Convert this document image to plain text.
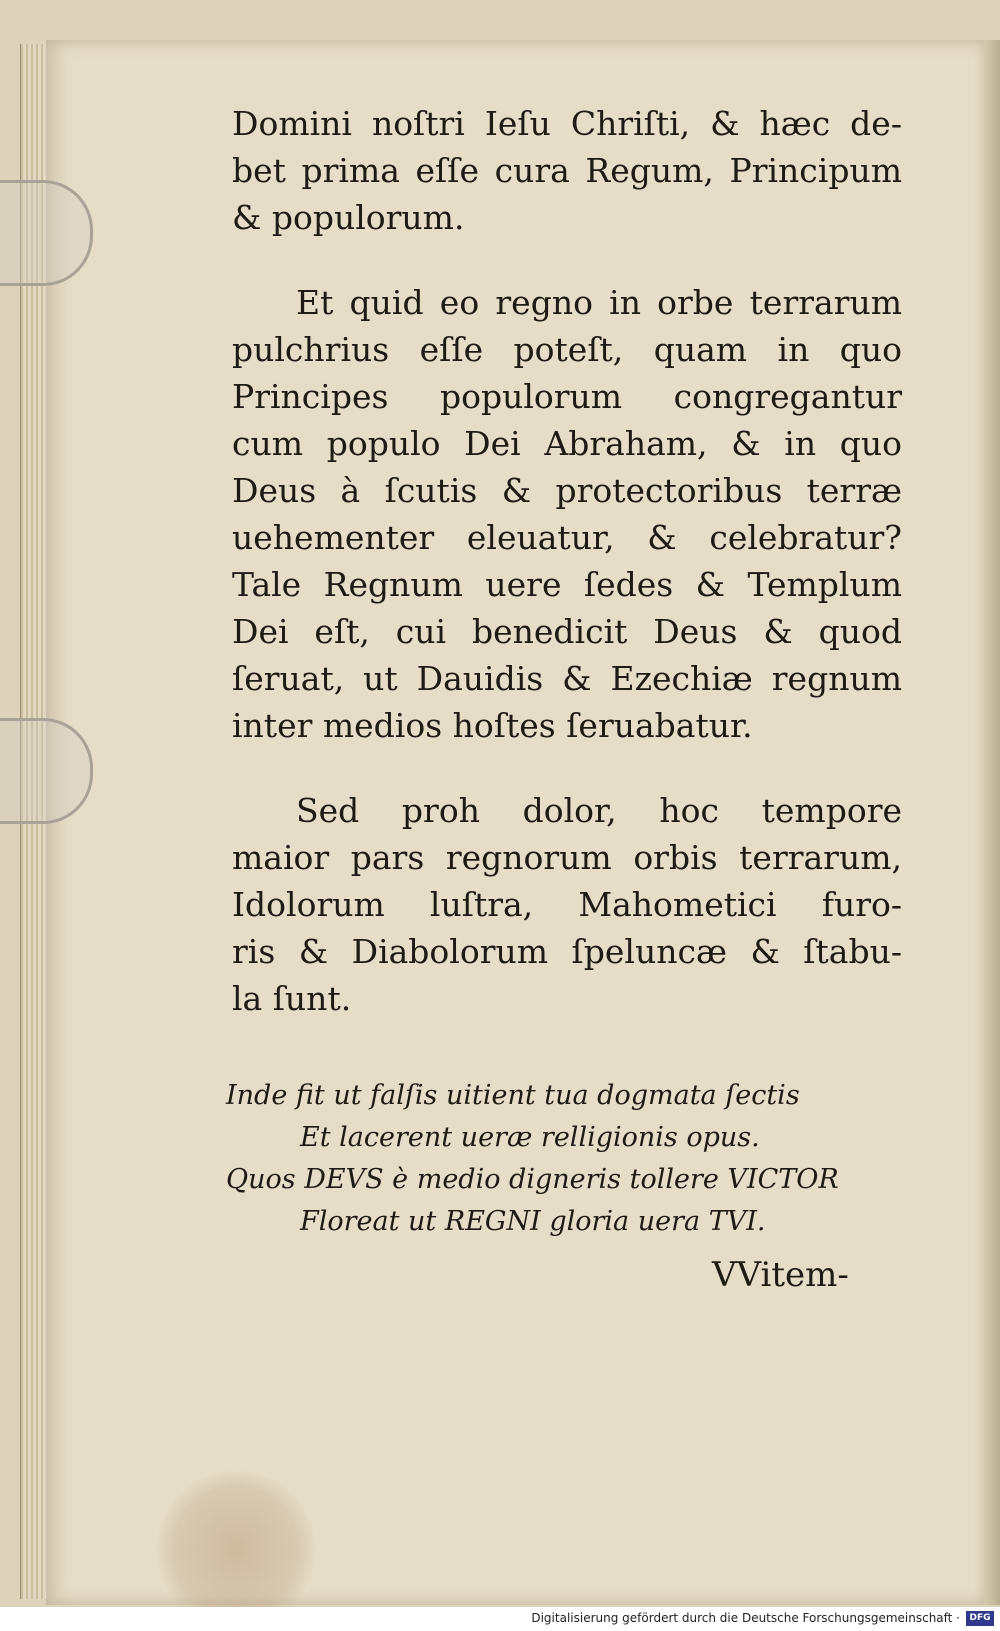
Domini noſtri Ieſu Chriſti, & hæc de-
bet prima eſſe cura Regum, Principum
& populorum.

Et quid eo regno in orbe terrarum
pulchrius eſſe poteſt, quam in quo
Principes populorum congregantur
cum populo Dei Abraham, & in quo
Deus à ſcutis & protectoribus terræ
uehementer eleuatur, & celebratur?
Tale Regnum uere ſedes & Templum
Dei eſt, cui benedicit Deus & quod
ſeruat, ut Dauidis & Ezechiæ regnum
inter medios hoſtes ſeruabatur.

Sed proh dolor, hoc tempore
maior pars regnorum orbis terrarum,
Idolorum luſtra, Mahometici furo-
ris & Diabolorum ſpeluncæ & ſtabu-
la ſunt.

Inde fit ut falſis uitient tua dogmata ſectis
Et lacerent ueræ relligionis opus.
Quos DEVS è medio digneris tollere VICTOR
Floreat ut REGNI gloria uera TVI.
VVitem-
Digitalisierung gefördert durch die Deutsche Forschungsgemeinschaft ·	DFG
